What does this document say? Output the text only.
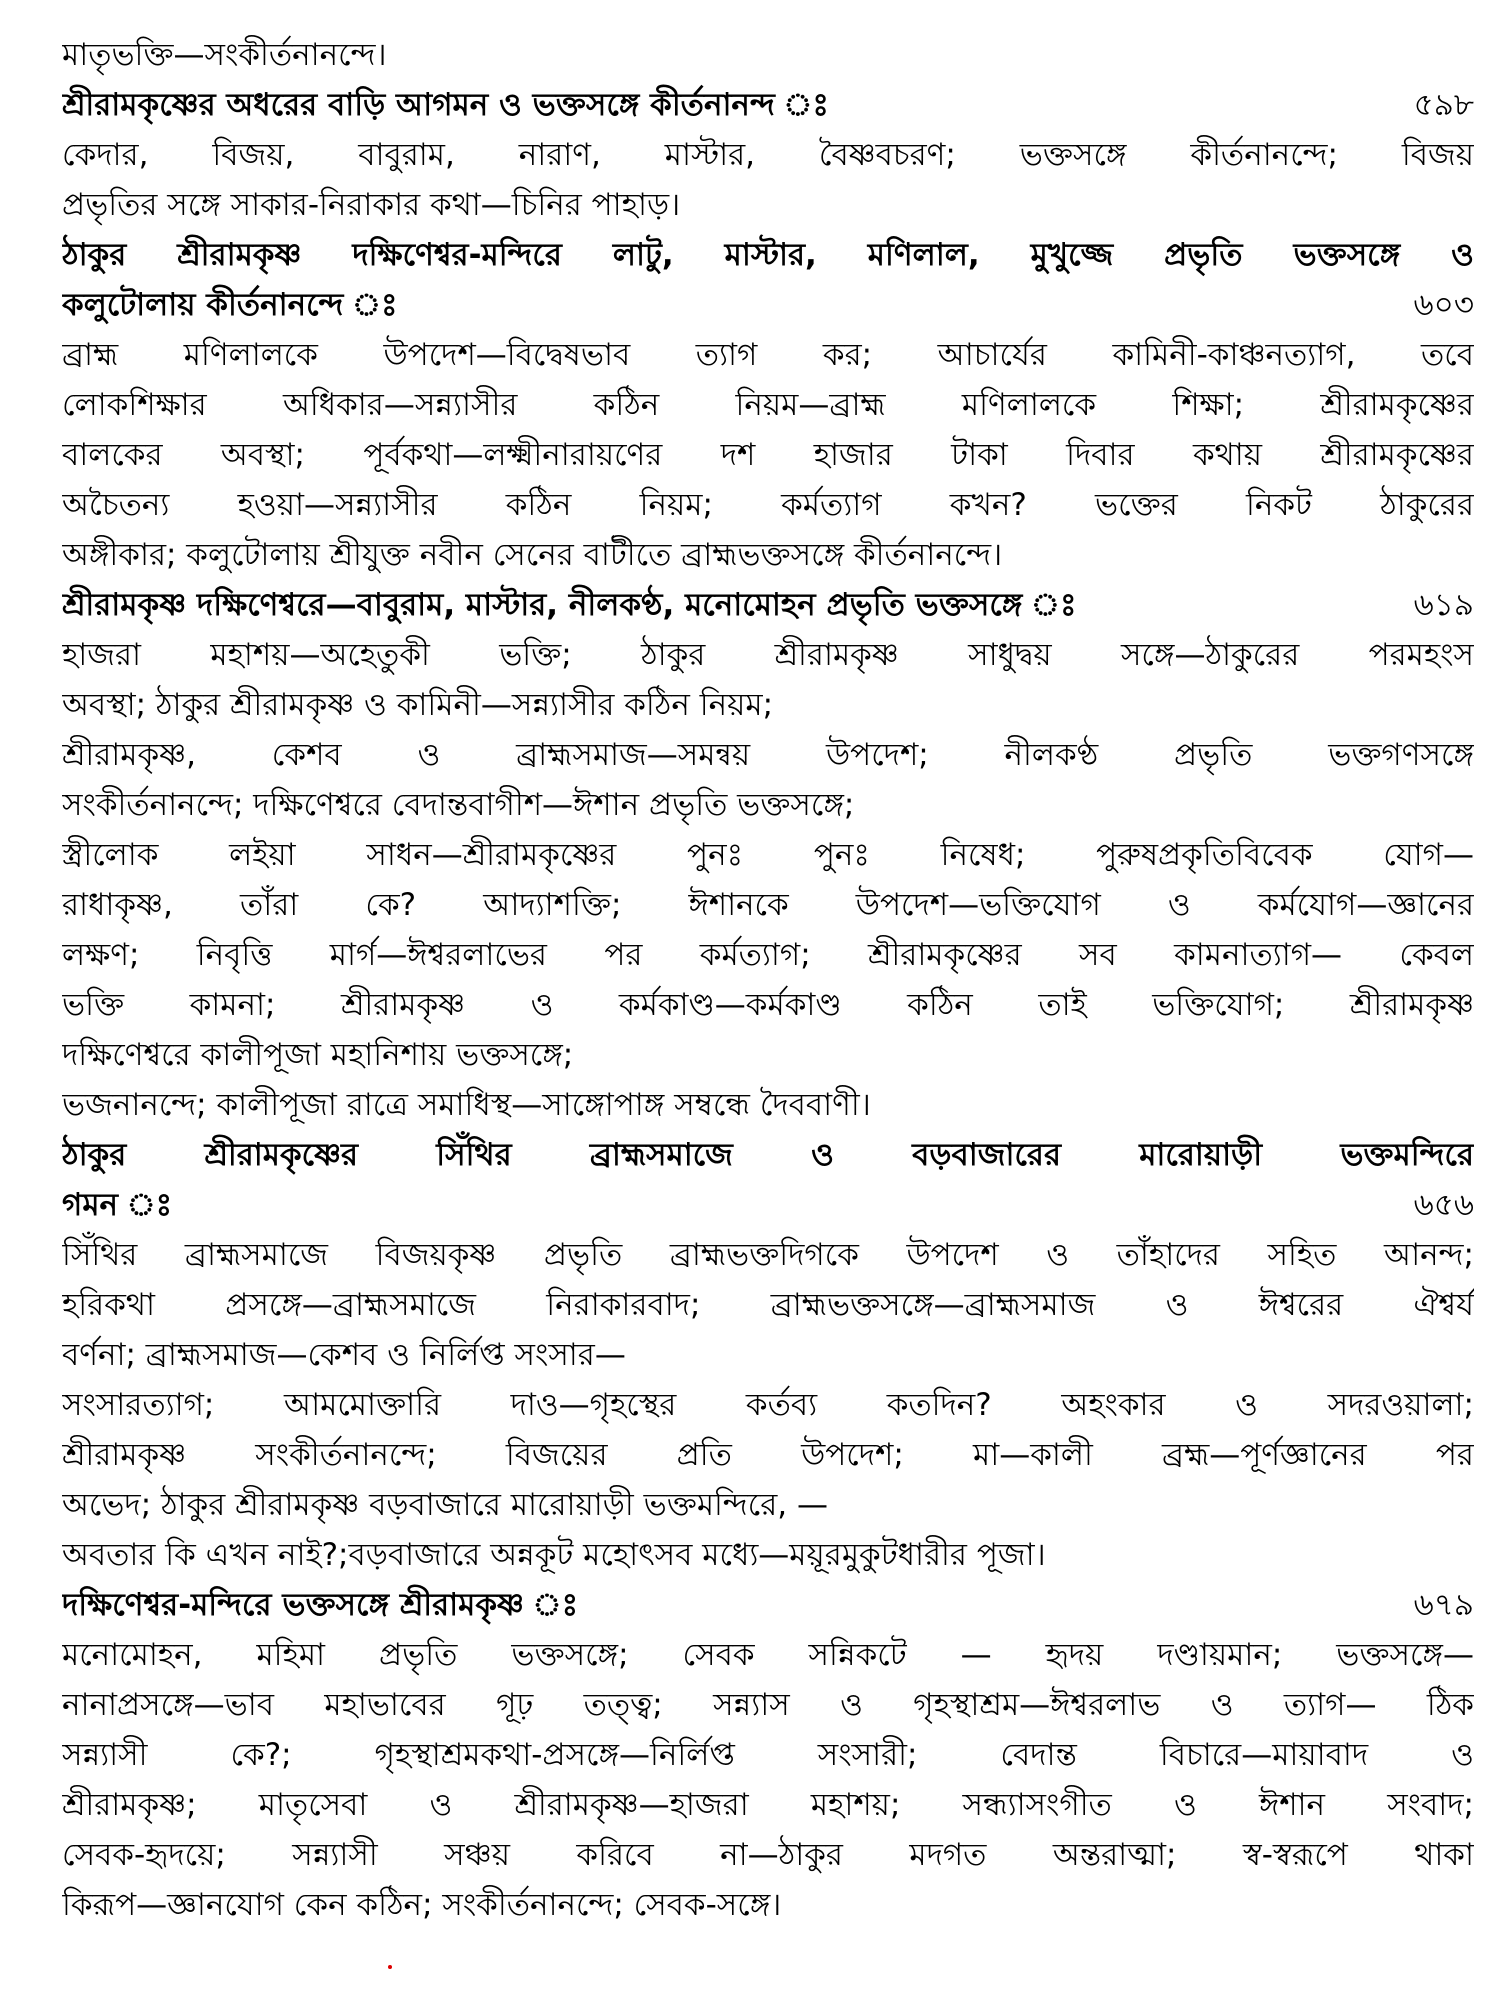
মাতৃভক্তি—সংকীর্তনানন্দে।
শ্রীরামকৃষ্ণের অধরের বাড়ি আগমন ও ভক্তসঙ্গে কীর্তনানন্দ ঃ	৫৯৮
কেদার, বিজয়, বাবুরাম, নারাণ, মাস্টার, বৈষ্ণবচরণ; ভক্তসঙ্গে কীর্তনানন্দে; বিজয়
প্রভৃতির সঙ্গে সাকার-নিরাকার কথা—চিনির পাহাড়।
ঠাকুর শ্রীরামকৃষ্ণ দক্ষিণেশ্বর-মন্দিরে লাটু, মাস্টার, মণিলাল, মুখুজ্জে প্রভৃতি ভক্তসঙ্গে ও
কলুটোলায় কীর্তনানন্দে ঃ	৬০৩
ব্রাহ্ম মণিলালকে উপদেশ—বিদ্বেষভাব ত্যাগ কর; আচার্যের কামিনী-কাঞ্চনত্যাগ, তবে
লোকশিক্ষার অধিকার—সন্ন্যাসীর কঠিন নিয়ম—ব্রাহ্ম মণিলালকে শিক্ষা; শ্রীরামকৃষ্ণের
বালকের অবস্থা; পূর্বকথা—লক্ষ্মীনারায়ণের দশ হাজার টাকা দিবার কথায় শ্রীরামকৃষ্ণের
অচৈতন্য হওয়া—সন্ন্যাসীর কঠিন নিয়ম; কর্মত্যাগ কখন? ভক্তের নিকট ঠাকুরের
অঙ্গীকার; কলুটোলায় শ্রীযুক্ত নবীন সেনের বাটীতে ব্রাহ্মভক্তসঙ্গে কীর্তনানন্দে।
শ্রীরামকৃষ্ণ দক্ষিণেশ্বরে—বাবুরাম, মাস্টার, নীলকণ্ঠ, মনোমোহন প্রভৃতি ভক্তসঙ্গে ঃ	৬১৯
হাজরা মহাশয়—অহেতুকী ভক্তি; ঠাকুর শ্রীরামকৃষ্ণ সাধুদ্বয় সঙ্গে—ঠাকুরের পরমহংস
অবস্থা; ঠাকুর শ্রীরামকৃষ্ণ ও কামিনী—সন্ন্যাসীর কঠিন নিয়ম;
শ্রীরামকৃষ্ণ, কেশব ও ব্রাহ্মসমাজ—সমন্বয় উপদেশ; নীলকণ্ঠ প্রভৃতি ভক্তগণসঙ্গে
সংকীর্তনানন্দে; দক্ষিণেশ্বরে বেদান্তবাগীশ—ঈশান প্রভৃতি ভক্তসঙ্গে;
স্ত্রীলোক লইয়া সাধন—শ্রীরামকৃষ্ণের পুনঃ পুনঃ নিষেধ; পুরুষপ্রকৃতিবিবেক যোগ—
রাধাকৃষ্ণ, তাঁরা কে? আদ্যাশক্তি; ঈশানকে উপদেশ—ভক্তিযোগ ও কর্মযোগ—জ্ঞানের
লক্ষণ; নিবৃত্তি মার্গ—ঈশ্বরলাভের পর কর্মত্যাগ; শ্রীরামকৃষ্ণের সব কামনাত্যাগ— কেবল
ভক্তি কামনা; শ্রীরামকৃষ্ণ ও কর্মকাণ্ড—কর্মকাণ্ড কঠিন তাই ভক্তিযোগ; শ্রীরামকৃষ্ণ
দক্ষিণেশ্বরে কালীপূজা মহানিশায় ভক্তসঙ্গে;
ভজনানন্দে; কালীপূজা রাত্রে সমাধিস্থ—সাঙ্গোপাঙ্গ সম্বন্ধে দৈববাণী।
ঠাকুর শ্রীরামকৃষ্ণের সিঁথির ব্রাহ্মসমাজে ও বড়বাজারের মারোয়াড়ী ভক্তমন্দিরে
গমন ঃ	৬৫৬
সিঁথির ব্রাহ্মসমাজে বিজয়কৃষ্ণ প্রভৃতি ব্রাহ্মভক্তদিগকে উপদেশ ও তাঁহাদের সহিত আনন্দ;
হরিকথা প্রসঙ্গে—ব্রাহ্মসমাজে নিরাকারবাদ; ব্রাহ্মভক্তসঙ্গে—ব্রাহ্মসমাজ ও ঈশ্বরের ঐশ্বর্য
বর্ণনা; ব্রাহ্মসমাজ—কেশব ও নির্লিপ্ত সংসার—
সংসারত্যাগ; আমমোক্তারি দাও—গৃহস্থের কর্তব্য কতদিন? অহংকার ও সদরওয়ালা;
শ্রীরামকৃষ্ণ সংকীর্তনানন্দে; বিজয়ের প্রতি উপদেশ; মা—কালী ব্রহ্ম—পূর্ণজ্ঞানের পর
অভেদ; ঠাকুর শ্রীরামকৃষ্ণ বড়বাজারে মারোয়াড়ী ভক্তমন্দিরে, —
অবতার কি এখন নাই?;বড়বাজারে অন্নকূট মহোৎসব মধ্যে—ময়ূরমুকুটধারীর পূজা।
দক্ষিণেশ্বর-মন্দিরে ভক্তসঙ্গে শ্রীরামকৃষ্ণ ঃ	৬৭৯
মনোমোহন, মহিমা প্রভৃতি ভক্তসঙ্গে; সেবক সন্নিকটে — হৃদয় দণ্ডায়মান; ভক্তসঙ্গে—
নানাপ্রসঙ্গে—ভাব মহাভাবের গূঢ় তত্ত্ব; সন্ন্যাস ও গৃহস্থাশ্রম—ঈশ্বরলাভ ও ত্যাগ— ঠিক
সন্ন্যাসী কে?; গৃহস্থাশ্রমকথা-প্রসঙ্গে—নির্লিপ্ত সংসারী; বেদান্ত বিচারে—মায়াবাদ ও
শ্রীরামকৃষ্ণ; মাতৃসেবা ও শ্রীরামকৃষ্ণ—হাজরা মহাশয়; সন্ধ্যাসংগীত ও ঈশান সংবাদ;
সেবক-হৃদয়ে; সন্ন্যাসী সঞ্চয় করিবে না—ঠাকুর মদগত অন্তরাত্মা; স্ব-স্বরূপে থাকা
কিরূপ—জ্ঞানযোগ কেন কঠিন; সংকীর্তনানন্দে; সেবক-সঙ্গে।
